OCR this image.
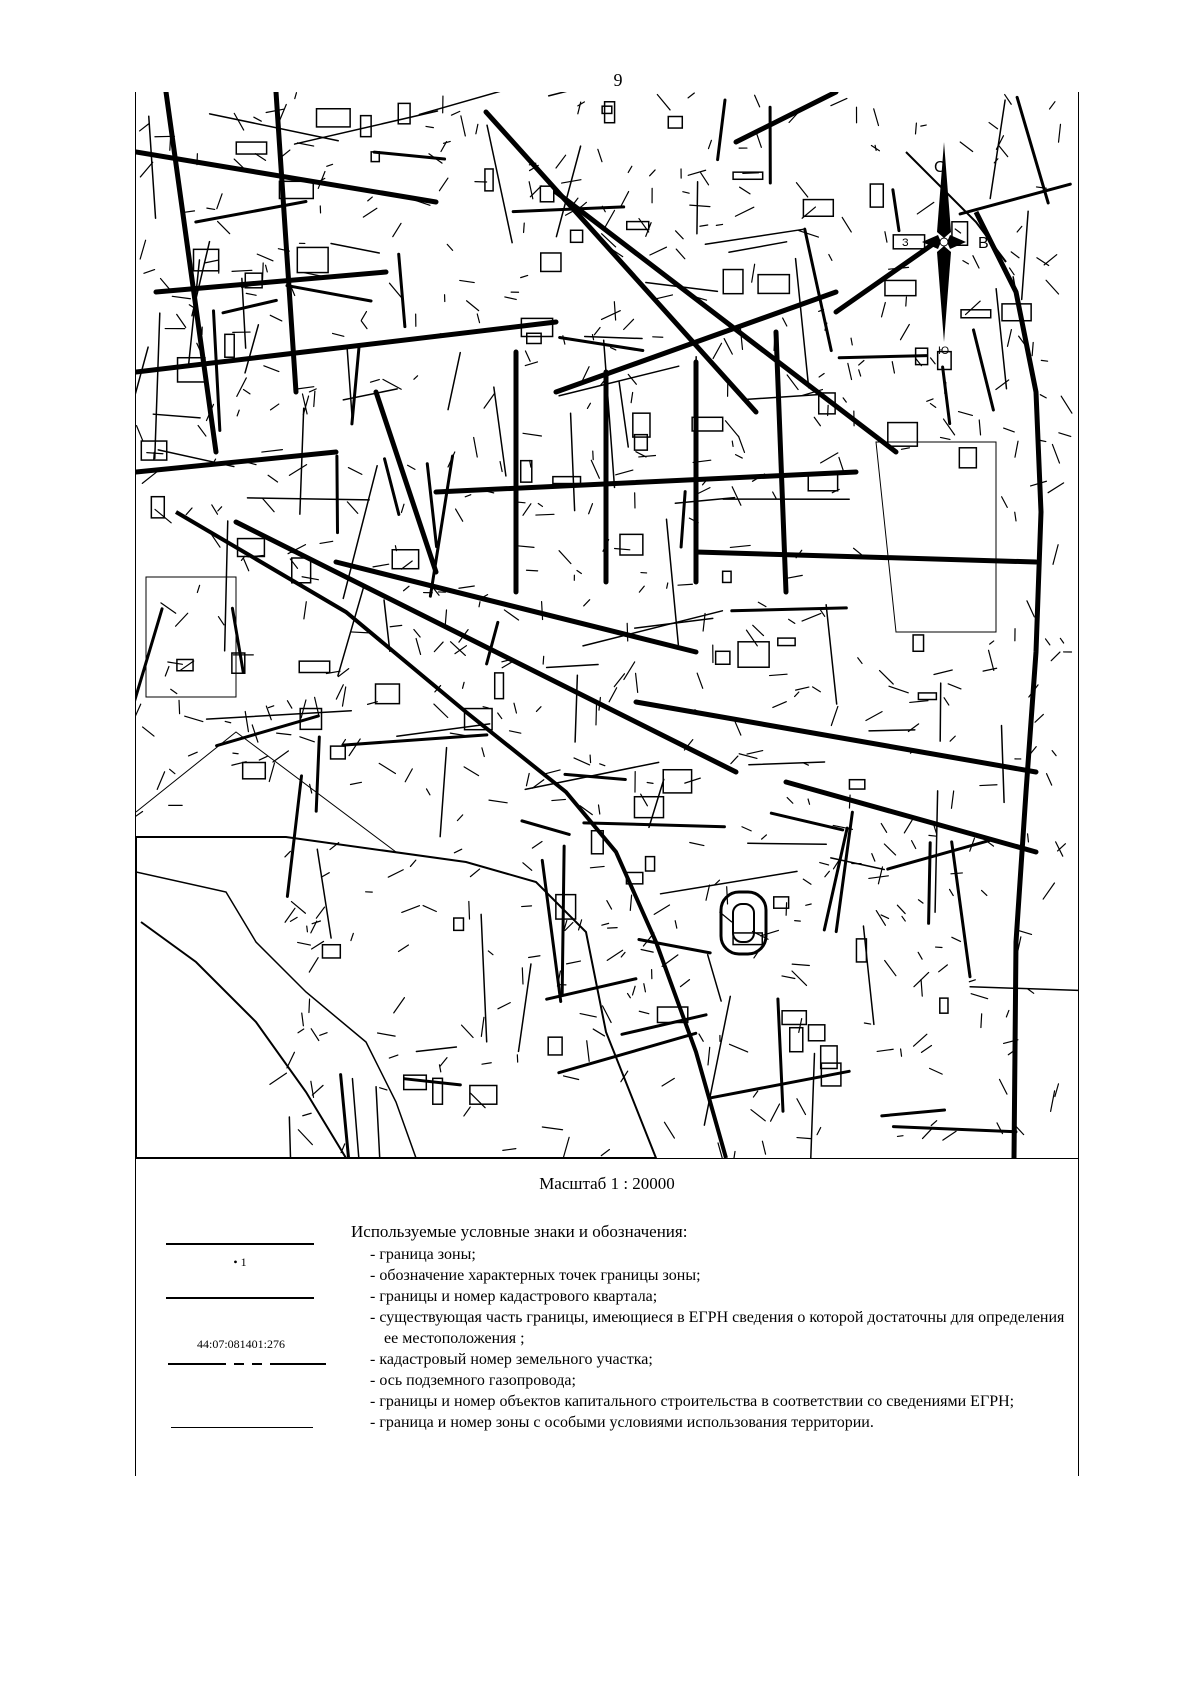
9
С
В
З
Ю
Масштаб 1 : 20000
Используемые условные знаки и обозначения:
• 1
44:07:081401:276
- граница зоны;
- обозначение характерных точек границы зоны;
- границы и номер кадастрового квартала;
- существующая часть границы, имеющиеся в ЕГРН сведения о которой достаточны для определения ее местоположения ;
- кадастровый номер земельного участка;
- ось подземного газопровода;
- границы и номер объектов капитального строительства в соответствии со сведениями ЕГРН;
- граница и номер зоны с особыми условиями использования территории.
